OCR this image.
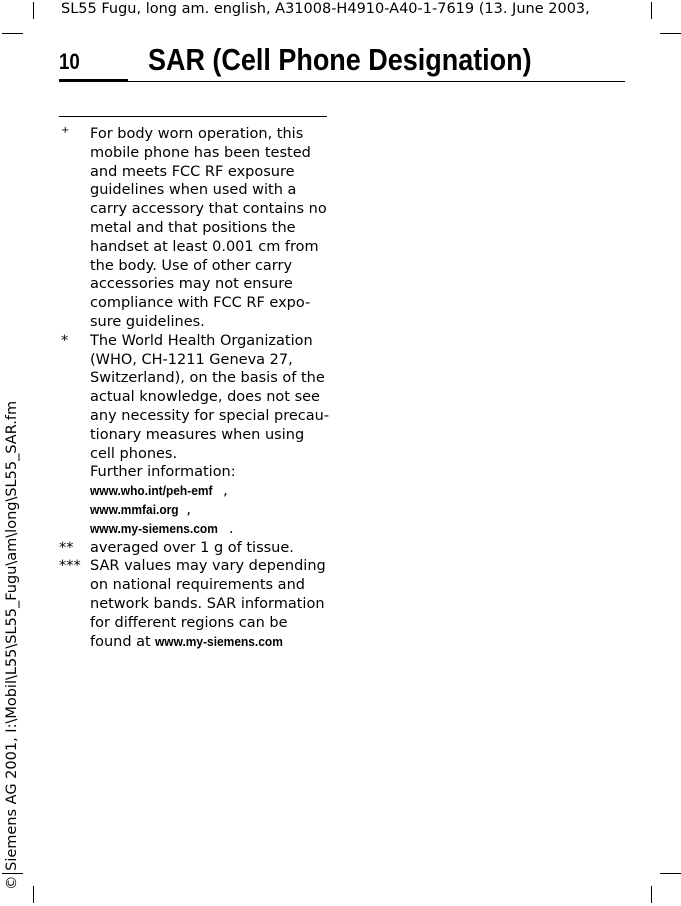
SL55 Fugu, long am. english, A31008-H4910-A40-1-7619 (13. June 2003,
10 SAR (Cell Phone Designation)
+ For body worn operation, this mobile phone has been tested and meets FCC RF exposure guidelines when used with a carry accessory that contains no metal and that positions the handset at least 0.001 cm from the body. Use of other carry accessories may not ensure compliance with FCC RF expo-sure guidelines.
* The World Health Organization (WHO, CH-1211 Geneva 27, Switzerland), on the basis of the actual knowledge, does not see any necessity for special precau-tionary measures when using cell phones.
Further information:
www.who.int/peh-emf ,
www.mmfai.org ,
www.my-siemens.com .
** averaged over 1 g of tissue.
*** SAR values may vary depending on national requirements and network bands. SAR information for different regions can be found at www.my-siemens.com
© Siemens AG 2001, I:\Mobil\L55\SL55_Fugu\am\long\SL55_SAR.fm
